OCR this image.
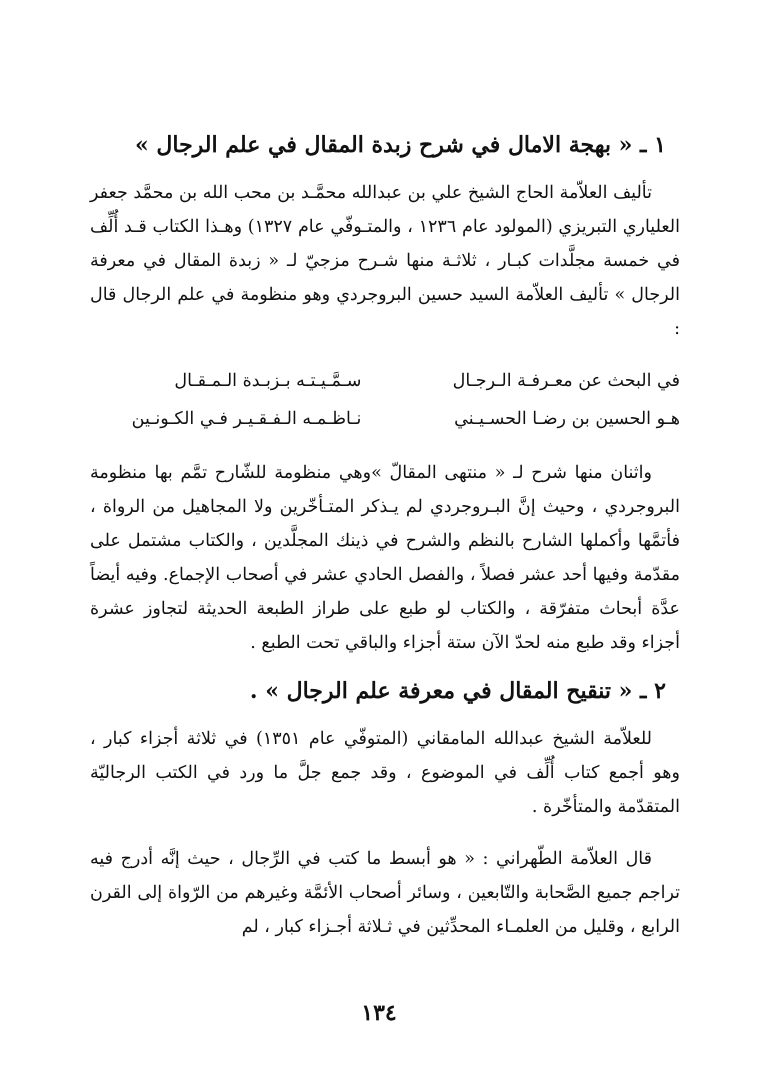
١ ـ « بهجة الامال في شرح زبدة المقال في علم الرجال »

تأليف العلاّمة الحاج الشيخ علي بن عبدالله محمَّـد بن محب الله بن محمَّد جعفر العلياري التبريزي (المولود عام ١٢٣٦ ، والمتـوفّي عام ١٣٢٧) وهـذا الكتاب قـد أُلِّف في خمسة مجلَّدات كبـار ، ثلاثـة منها شـرح مزجيّ لـ « زبدة المقال في معرفة الرجال » تأليف العلاّمة السيد حسين البروجردي وهو منظومة في علم الرجال قال :

في البحث عن معـرفـة الـرجـال
سـمَّـيـتـه بـزبـدة الـمـقـال
هـو الحسين بن رضـا الحسـيـني
نـاظـمـه الـفـقـيـر فـي الكـونـين

واثنان منها شرح لـ « منتهى المقالّ »وهي منظومة للشّارح تمَّم بها منظومة البروجردي ، وحيث إنَّ البـروجردي لم يـذكر المتـأخّرين ولا المجاهيل من الرواة ، فأتمَّها وأكملها الشارح بالنظم والشرح في ذينك المجلَّدين ، والكتاب مشتمل على مقدّمة وفيها أحد عشر فصلاً ، والفصل الحادي عشر في أصحاب الإجماع. وفيه أيضاً عدَّة أبحاث متفرّقة ، والكتاب لو طبع على طراز الطبعة الحديثة لتجاوز عشرة أجزاء وقد طبع منه لحدّ الآن ستة أجزاء والباقي تحت الطبع .

٢ ـ « تنقيح المقال في معرفة علم الرجال » .

للعلاّمة الشيخ عبدالله المامقاني (المتوفّي عام ١٣٥١) في ثلاثة أجزاء كبار ، وهو أجمع كتاب أُلِّف في الموضوع ، وقد جمع جلَّ ما ورد في الكتب الرجاليّة المتقدّمة والمتأخّرة .

قال العلاّمة الطّهراني : « هو أبسط ما كتب في الرِّجال ، حيث إنَّه أدرج فيه تراجم جميع الصَّحابة والتّابعين ، وسائر أصحاب الأئمَّة وغيرهم من الرّواة إلى القرن الرابع ، وقليل من العلمـاء المحدِّثين في ثـلاثة أجـزاء كبار ، لم

١٣٤
